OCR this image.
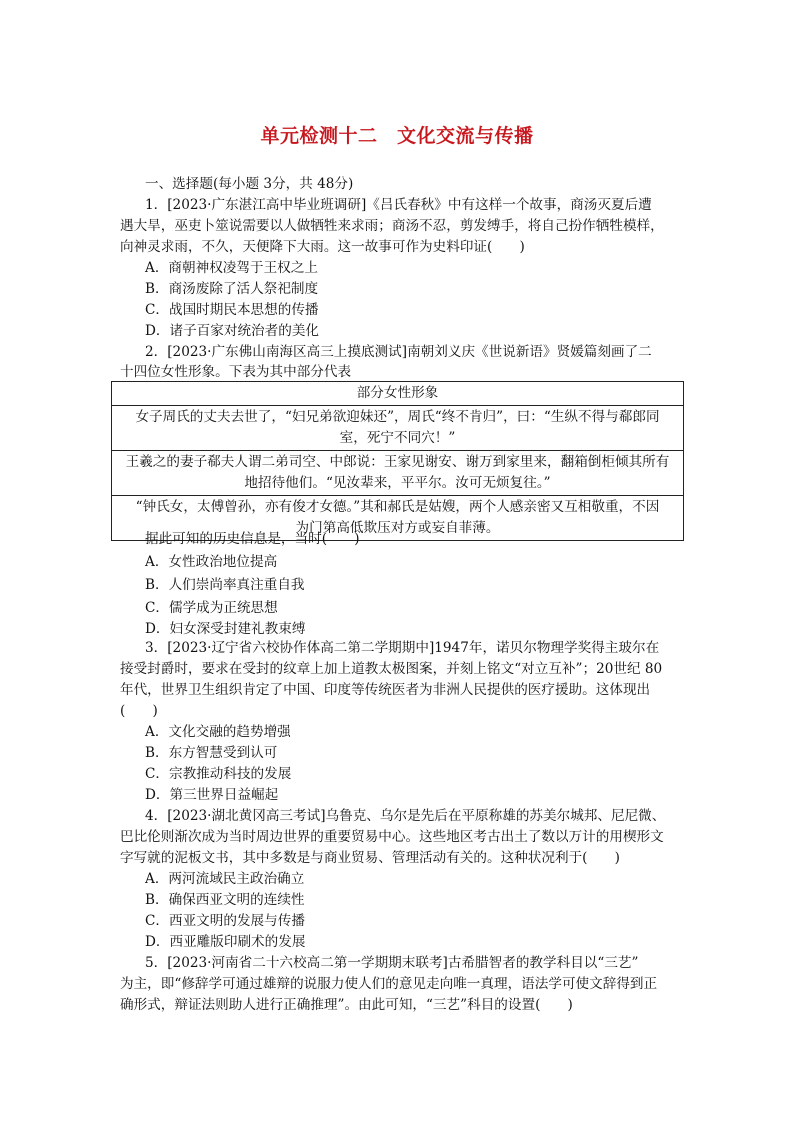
单元检测十二　文化交流与传播
一、选择题(每小题 3分，共 48分)
1．[2023·广东湛江高中毕业班调研]《吕氏春秋》中有这样一个故事，商汤灭夏后遭
遇大旱，巫吏卜筮说需要以人做牺牲来求雨；商汤不忍，剪发缚手，将自己扮作牺牲模样，
向神灵求雨，不久，天便降下大雨。这一故事可作为史料印证(　　)
A．商朝神权凌驾于王权之上
B．商汤废除了活人祭祀制度
C．战国时期民本思想的传播
D．诸子百家对统治者的美化
2．[2023·广东佛山南海区高三上摸底测试]南朝刘义庆《世说新语》贤媛篇刻画了二
十四位女性形象。下表为其中部分代表
部分女性形象

女子周氏的丈夫去世了，“妇兄弟欲迎妹还”，周氏“终不肯归”，曰：“生纵不得与郗郎同
室，死宁不同穴！”

王羲之的妻子郗夫人谓二弟司空、中郎说：王家见谢安、谢万到家里来，翻箱倒柜倾其所有
地招待他们。“见汝辈来，平平尔。汝可无烦复往。”

“钟氏女，太傅曾孙，亦有俊才女德。”其和郝氏是姑嫂，两个人感亲密又互相敬重，不因
为门第高低欺压对方或妄自菲薄。
据此可知的历史信息是，当时(　　)
A．女性政治地位提高
B．人们崇尚率真注重自我
C．儒学成为正统思想
D．妇女深受封建礼教束缚
3．[2023·辽宁省六校协作体高二第二学期期中]1947年，诺贝尔物理学奖得主玻尔在
接受封爵时，要求在受封的纹章上加上道教太极图案，并刻上铭文“对立互补”；20世纪 80
年代，世界卫生组织肯定了中国、印度等传统医者为非洲人民提供的医疗援助。这体现出
(　　)
A．文化交融的趋势增强
B．东方智慧受到认可
C．宗教推动科技的发展
D．第三世界日益崛起
4．[2023·湖北黄冈高三考试]乌鲁克、乌尔是先后在平原称雄的苏美尔城邦、尼尼微、
巴比伦则渐次成为当时周边世界的重要贸易中心。这些地区考古出土了数以万计的用楔形文
字写就的泥板文书，其中多数是与商业贸易、管理活动有关的。这种状况利于(　　)
A．两河流域民主政治确立
B．确保西亚文明的连续性
C．西亚文明的发展与传播
D．西亚雕版印刷术的发展
5．[2023·河南省二十六校高二第一学期期末联考]古希腊智者的教学科目以“三艺”
为主，即“修辞学可通过雄辩的说服力使人们的意见走向唯一真理，语法学可使文辞得到正
确形式，辩证法则助人进行正确推理”。由此可知，“三艺”科目的设置(　　)
